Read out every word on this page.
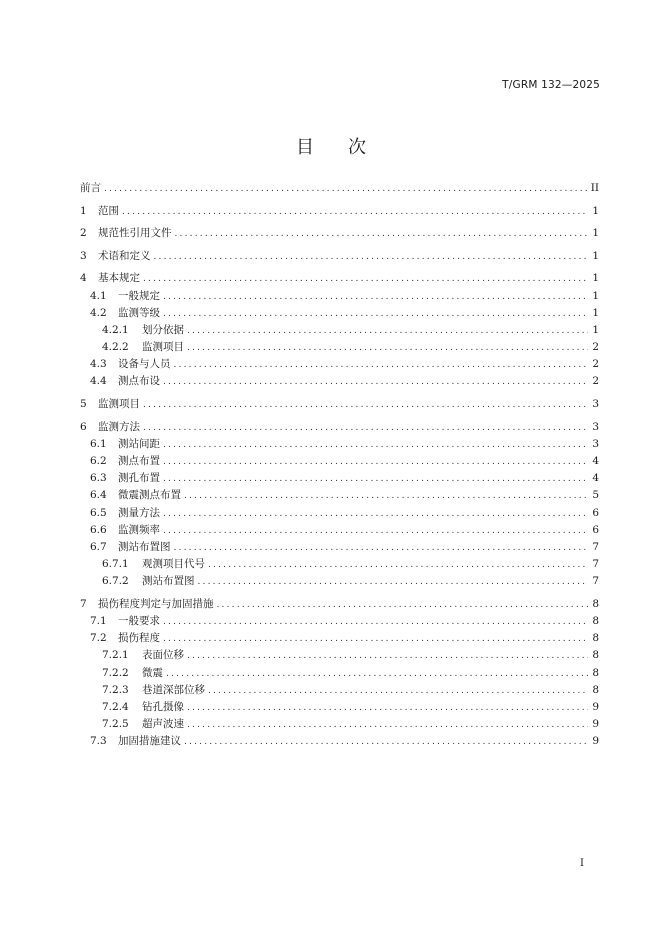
T/GRM 132—2025
目次
前言 .....	II
1	范围 .....	1
2	规范性引用文件 .....	1
3	术语和定义 .....	1
4	基本规定 .....	1
4.1	一般规定 .....	1
4.2	监测等级 .....	1
4.2.1	划分依据 .....	1
4.2.2	监测项目 .....	2
4.3	设备与人员 .....	2
4.4	测点布设 .....	2
5	监测项目 .....	3
6	监测方法 .....	3
6.1	测站间距 .....	3
6.2	测点布置 .....	4
6.3	测孔布置 .....	4
6.4	微震测点布置 .....	5
6.5	测量方法 .....	6
6.6	监测频率 .....	6
6.7	测站布置图 .....	7
6.7.1	观测项目代号 .....	7
6.7.2	测站布置图 .....	7
7	损伤程度判定与加固措施 .....	8
7.1	一般要求 .....	8
7.2	损伤程度 .....	8
7.2.1	表面位移 .....	8
7.2.2	微震 .....	8
7.2.3	巷道深部位移 .....	8
7.2.4	钻孔摄像 .....	9
7.2.5	超声波速 .....	9
7.3	加固措施建议 .....	9
I
